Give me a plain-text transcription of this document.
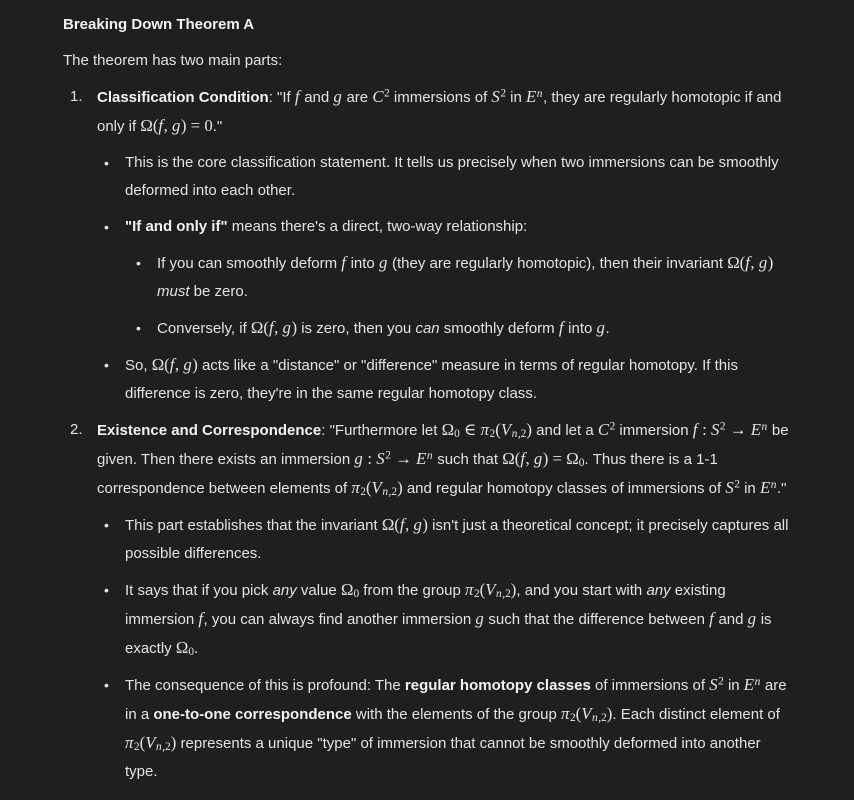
Breaking Down Theorem A
The theorem has two main parts:
1. Classification Condition: "If f and g are $C^2$ immersions of $S^2$ in $E^n$, they are regularly homotopic if and only if Ω(f, g) = 0."
•	This is the core classification statement. It tells us precisely when two immersions can be smoothly deformed into each other.
•	"If and only if" means there's a direct, two-way relationship:
•	If you can smoothly deform f into g (they are regularly homotopic), then their invariant Ω(f, g) must be zero.
•	Conversely, if Ω(f, g) is zero, then you can smoothly deform f into g.
•	So, Ω(f, g) acts like a "distance" or "difference" measure in terms of regular homotopy. If this difference is zero, they're in the same regular homotopy class.
2. Existence and Correspondence: "Furthermore let Ω0 ∈ π2(Vn,2) and let a $C^2$ immersion f : $S^2 \to E^n$ be given. Then there exists an immersion g : $S^2 \to E^n$ such that Ω(f, g) = Ω0. Thus there is a 1-1 correspondence between elements of π2(Vn,2) and regular homotopy classes of immersions of $S^2$ in $E^n$."
•	This part establishes that the invariant Ω(f, g) isn't just a theoretical concept; it precisely captures all possible differences.
•	It says that if you pick any value Ω0 from the group π2(Vn,2), and you start with any existing immersion f, you can always find another immersion g such that the difference between f and g is exactly Ω0.
•	The consequence of this is profound: The regular homotopy classes of immersions of $S^2$ in $E^n$ are in a one-to-one correspondence with the elements of the group π2(Vn,2). Each distinct element of π2(Vn,2) represents a unique "type" of immersion that cannot be smoothly deformed into another type.
